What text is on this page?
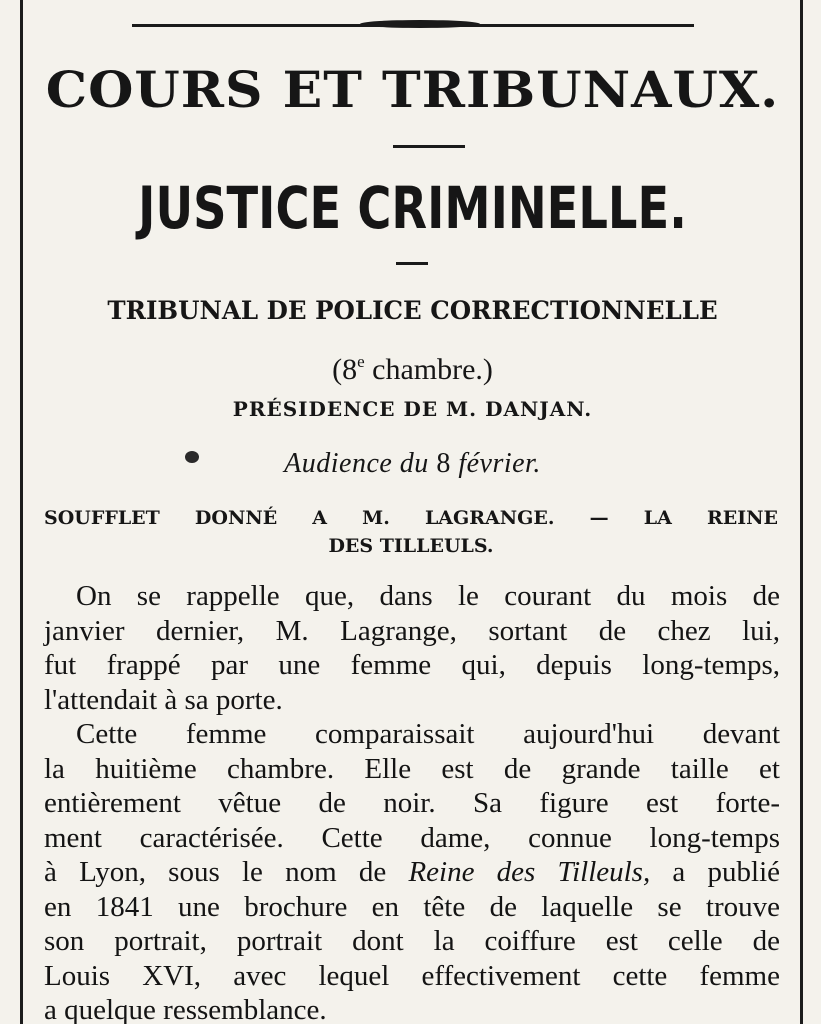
COURS ET TRIBUNAUX.
JUSTICE CRIMINELLE.
TRIBUNAL DE POLICE CORRECTIONNELLE
(8e chambre.)
PRÉSIDENCE DE M. DANJAN.
Audience du 8 février.
SOUFFLET DONNÉ A M. LAGRANGE. — LA REINE
DES TILLEULS.
On se rappelle que, dans le courant du mois de
janvier dernier, M. Lagrange, sortant de chez lui,
fut frappé par une femme qui, depuis long-temps,
l'attendait à sa porte.
Cette femme comparaissait aujourd'hui devant
la huitième chambre. Elle est de grande taille et
entièrement vêtue de noir. Sa figure est forte-
ment caractérisée. Cette dame, connue long-temps
à Lyon, sous le nom de Reine des Tilleuls, a publié
en 1841 une brochure en tête de laquelle se trouve
son portrait, portrait dont la coiffure est celle de
Louis XVI, avec lequel effectivement cette femme
a quelque ressemblance.
